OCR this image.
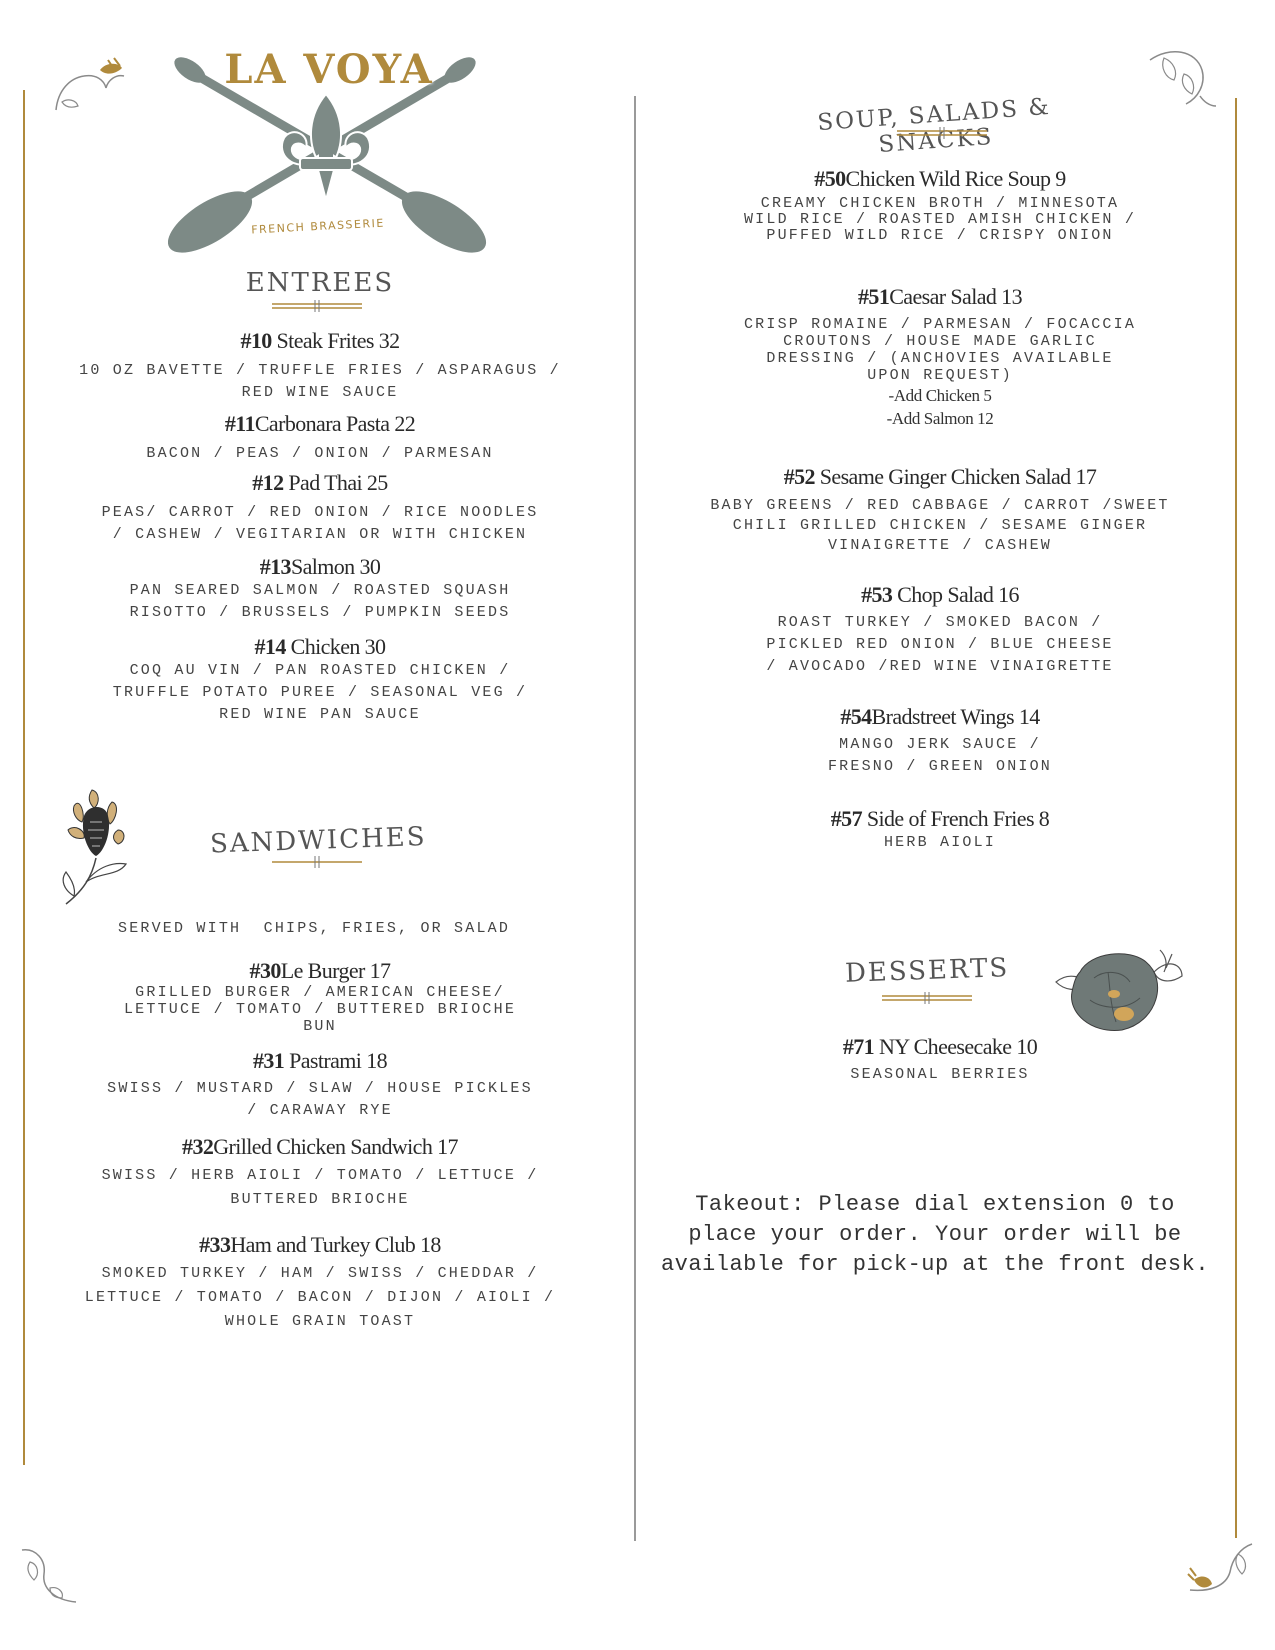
LA VOYA
FRENCH BRASSERIE
ENTREES
#10 Steak Frites 32
10 OZ BAVETTE / TRUFFLE FRIES / ASPARAGUS /
RED WINE SAUCE
#11Carbonara Pasta 22
BACON / PEAS / ONION / PARMESAN
#12 Pad Thai 25
PEAS/ CARROT / RED ONION / RICE NOODLES
/ CASHEW / VEGITARIAN OR WITH CHICKEN
#13Salmon 30
PAN SEARED SALMON / ROASTED SQUASH
RISOTTO / BRUSSELS / PUMPKIN SEEDS
#14 Chicken 30
COQ AU VIN / PAN ROASTED CHICKEN /
TRUFFLE POTATO PUREE / SEASONAL VEG /
RED WINE PAN SAUCE
SANDWICHES
SERVED WITH  CHIPS, FRIES, OR SALAD
#30Le Burger 17
GRILLED BURGER / AMERICAN CHEESE/
LETTUCE / TOMATO / BUTTERED BRIOCHE
BUN
#31 Pastrami 18
SWISS / MUSTARD / SLAW / HOUSE PICKLES
/ CARAWAY RYE
#32Grilled Chicken Sandwich 17
SWISS / HERB AIOLI / TOMATO / LETTUCE /
BUTTERED BRIOCHE
#33Ham and Turkey Club 18
SMOKED TURKEY / HAM / SWISS / CHEDDAR /
LETTUCE / TOMATO / BACON / DIJON / AIOLI /
WHOLE GRAIN TOAST
SOUP, SALADS & SNACKS
#50Chicken Wild Rice Soup 9
CREAMY CHICKEN BROTH / MINNESOTA
WILD RICE / ROASTED AMISH CHICKEN /
PUFFED WILD RICE / CRISPY ONION
#51Caesar Salad 13
CRISP ROMAINE / PARMESAN / FOCACCIA
CROUTONS / HOUSE MADE GARLIC
DRESSING / (ANCHOVIES AVAILABLE
UPON REQUEST)
-Add Chicken 5
-Add Salmon 12
#52 Sesame Ginger Chicken Salad 17
BABY GREENS / RED CABBAGE / CARROT /SWEET
CHILI GRILLED CHICKEN / SESAME GINGER
VINAIGRETTE / CASHEW
#53 Chop Salad 16
ROAST TURKEY / SMOKED BACON /
PICKLED RED ONION / BLUE CHEESE
/ AVOCADO /RED WINE VINAIGRETTE
#54Bradstreet Wings 14
MANGO JERK SAUCE /
FRESNO / GREEN ONION
#57 Side of French Fries 8
HERB AIOLI
DESSERTS
#71 NY Cheesecake 10
SEASONAL BERRIES
Takeout: Please dial extension 0 to place your order. Your order will be available for pick-up at the front desk.
